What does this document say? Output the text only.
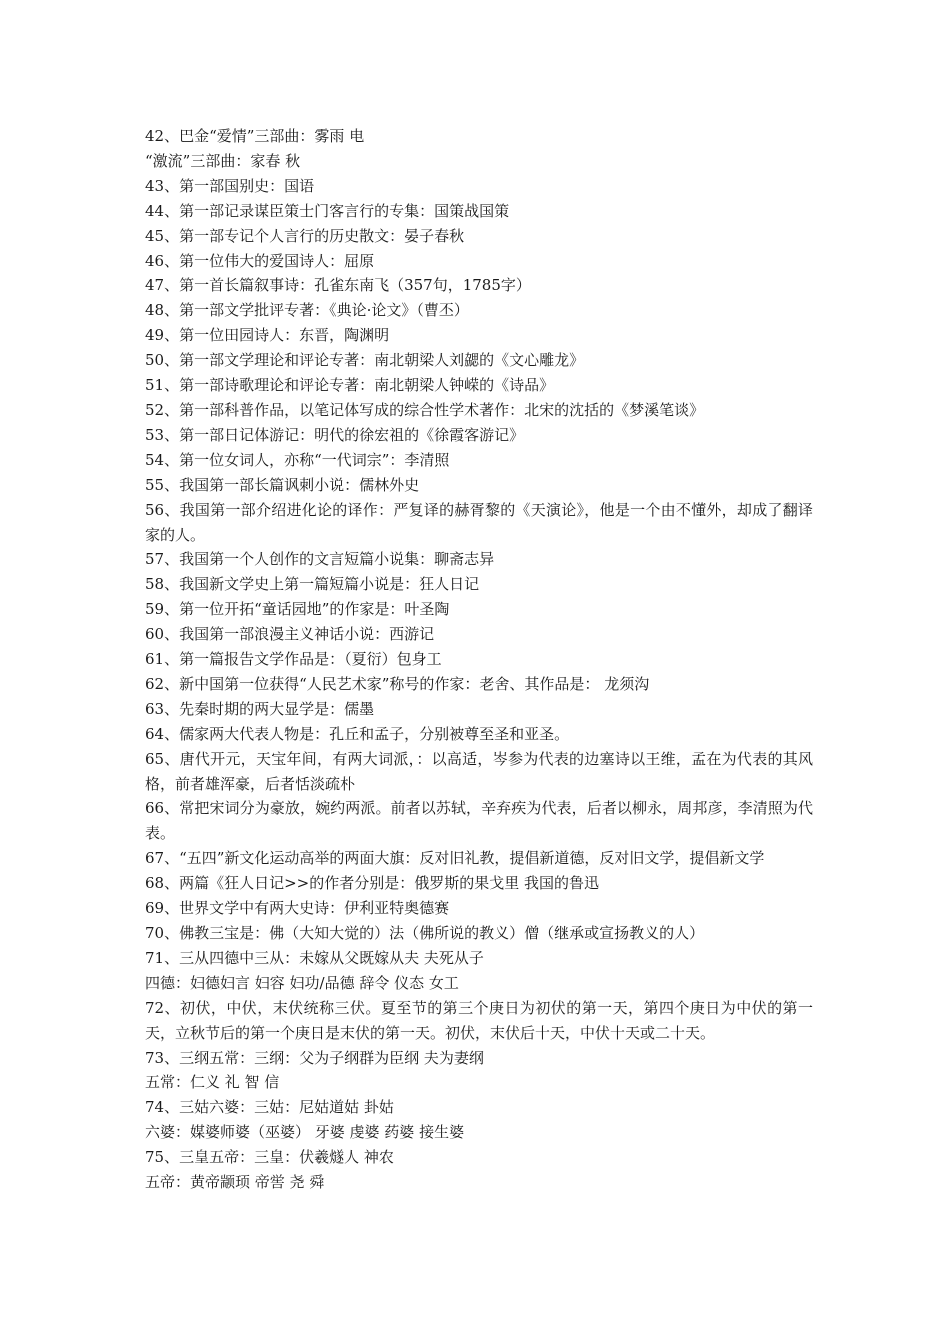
42、巴金“爱情”三部曲：雾雨 电

“激流”三部曲：家春 秋

43、第一部国别史：国语

44、第一部记录谋臣策士门客言行的专集：国策战国策

45、第一部专记个人言行的历史散文：晏子春秋

46、第一位伟大的爱国诗人：屈原

47、第一首长篇叙事诗：孔雀东南飞（357句，1785字）

48、第一部文学批评专著：《典论·论文》（曹丕）

49、第一位田园诗人：东晋，陶渊明

50、第一部文学理论和评论专著：南北朝梁人刘勰的《文心雕龙》

51、第一部诗歌理论和评论专著：南北朝梁人钟嵘的《诗品》

52、第一部科普作品，以笔记体写成的综合性学术著作：北宋的沈括的《梦溪笔谈》

53、第一部日记体游记：明代的徐宏祖的《徐霞客游记》

54、第一位女词人，亦称“一代词宗”：李清照

55、我国第一部长篇讽刺小说：儒林外史

56、我国第一部介绍进化论的译作：严复译的赫胥黎的《天演论》，他是一个由不懂外，却成了翻译家的人。

57、我国第一个人创作的文言短篇小说集：聊斋志异

58、我国新文学史上第一篇短篇小说是：狂人日记

59、第一位开拓“童话园地”的作家是：叶圣陶

60、我国第一部浪漫主义神话小说：西游记

61、第一篇报告文学作品是：（夏衍）包身工

62、新中国第一位获得“人民艺术家”称号的作家：老舍、其作品是： 龙须沟

63、先秦时期的两大显学是：儒墨

64、儒家两大代表人物是：孔丘和孟子，分别被尊至圣和亚圣。

65、唐代开元，天宝年间，有两大词派，：以高适，岑参为代表的边塞诗以王维，孟在为代表的其风格，前者雄浑豪，后者恬淡疏朴

66、常把宋词分为豪放，婉约两派。前者以苏轼，辛弃疾为代表，后者以柳永，周邦彦，李清照为代表。

67、“五四”新文化运动高举的两面大旗：反对旧礼教，提倡新道德，反对旧文学，提倡新文学

68、两篇《狂人日记>>的作者分别是：俄罗斯的果戈里 我国的鲁迅

69、世界文学中有两大史诗：伊利亚特奥德赛

70、佛教三宝是：佛（大知大觉的）法（佛所说的教义）僧（继承或宣扬教义的人）

71、三从四德中三从：未嫁从父既嫁从夫 夫死从子

四德：妇德妇言 妇容 妇功/品德 辞令 仪态 女工

72、初伏，中伏，末伏统称三伏。夏至节的第三个庚日为初伏的第一天，第四个庚日为中伏的第一天，立秋节后的第一个庚日是末伏的第一天。初伏，末伏后十天，中伏十天或二十天。

73、三纲五常：三纲：父为子纲群为臣纲 夫为妻纲

五常：仁义 礼 智 信

74、三姑六婆：三姑：尼姑道姑 卦姑

六婆：媒婆师婆（巫婆） 牙婆 虔婆 药婆 接生婆

75、三皇五帝：三皇：伏羲燧人 神农

五帝：黄帝颛顼 帝喾 尧 舜
